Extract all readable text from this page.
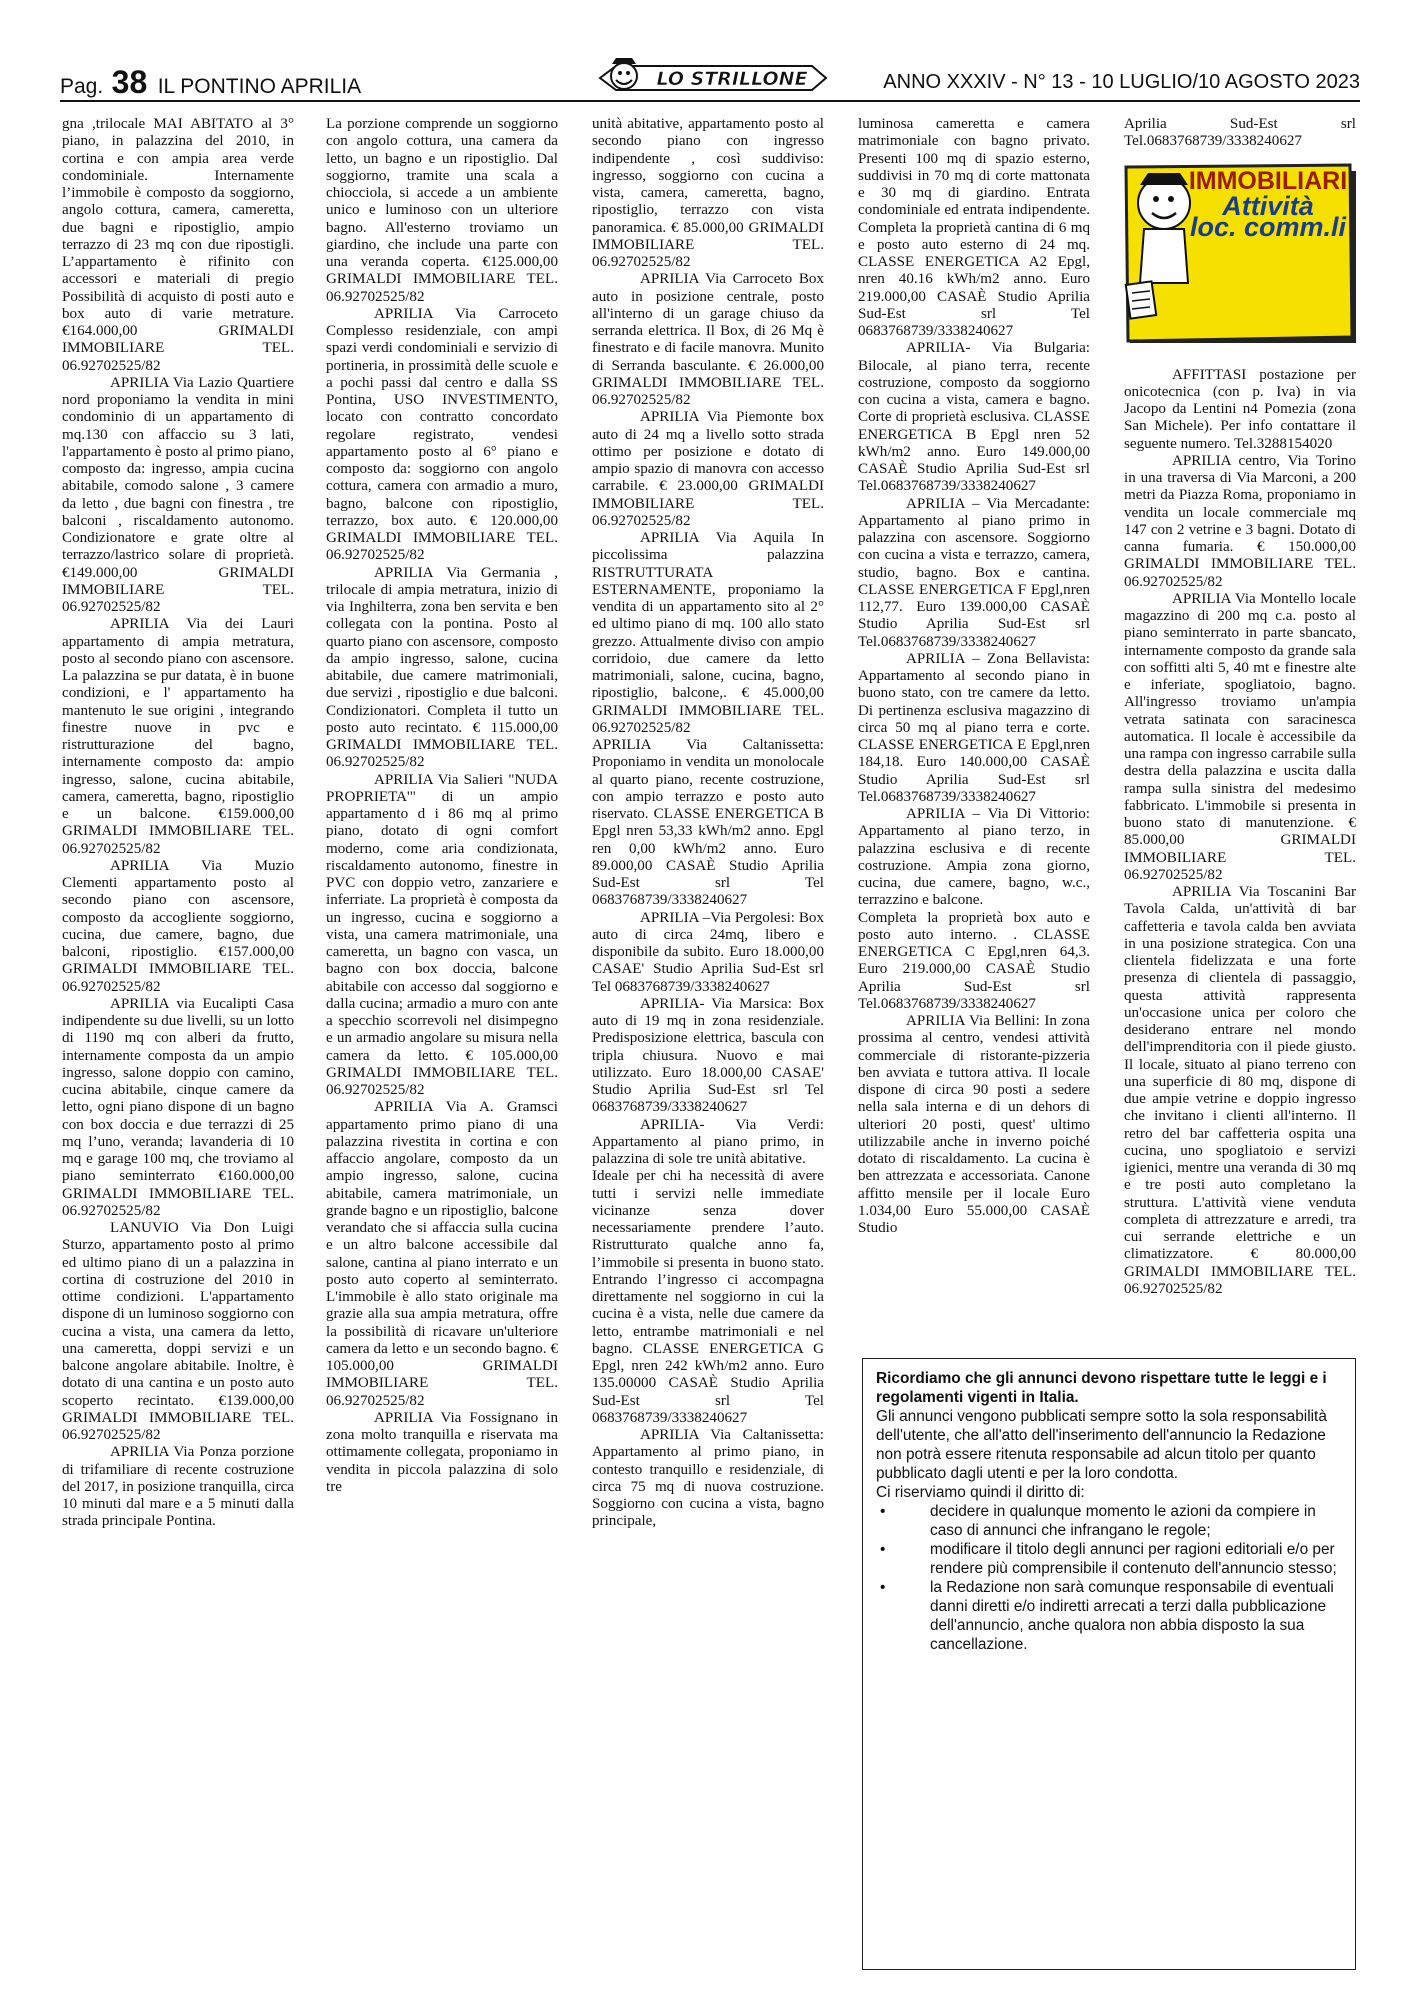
Pag. 38 IL PONTINO APRILIA	ANNO XXXIV - N° 13 - 10 LUGLIO/10 AGOSTO 2023
LO STRILLONE

gna ,trilocale MAI ABITATO al 3° piano, in palazzina del 2010, in cortina e con ampia area verde condominiale. Internamente l’immobile è composto da soggiorno, angolo cottura, camera, cameretta, due bagni e ripostiglio, ampio terrazzo di 23 mq con due ripostigli. L’appartamento è rifinito con accessori e materiali di pregio Possibilità di acquisto di posti auto e box auto di varie metrature. €164.000,00 GRIMALDI IMMOBILIARE TEL. 06.92702525/82

APRILIA Via Lazio Quartiere nord proponiamo la vendita in mini condominio di un appartamento di mq.130 con affaccio su 3 lati, l'appartamento è posto al primo piano, composto da: ingresso, ampia cucina abitabile, comodo salone , 3 camere da letto , due bagni con finestra , tre balconi , riscaldamento autonomo. Condizionatore e grate oltre al terrazzo/lastrico solare di proprietà. €149.000,00 GRIMALDI IMMOBILIARE TEL. 06.92702525/82

APRILIA Via dei Lauri appartamento di ampia metratura, posto al secondo piano con ascensore. La palazzina se pur datata, è in buone condizioni, e l' appartamento ha mantenuto le sue origini , integrando finestre nuove in pvc e ristrutturazione del bagno, internamente composto da: ampio ingresso, salone, cucina abitabile, camera, cameretta, bagno, ripostiglio e un balcone. €159.000,00 GRIMALDI IMMOBILIARE TEL. 06.92702525/82

APRILIA Via Muzio Clementi appartamento posto al secondo piano con ascensore, composto da accogliente soggiorno, cucina, due camere, bagno, due balconi, ripostiglio. €157.000,00 GRIMALDI IMMOBILIARE TEL. 06.92702525/82

APRILIA via Eucalipti Casa indipendente su due livelli, su un lotto di 1190 mq con alberi da frutto, internamente composta da un ampio ingresso, salone doppio con camino, cucina abitabile, cinque camere da letto, ogni piano dispone di un bagno con box doccia e due terrazzi di 25 mq l’uno, veranda; lavanderia di 10 mq e garage 100 mq, che troviamo al piano seminterrato €160.000,00 GRIMALDI IMMOBILIARE TEL. 06.92702525/82

LANUVIO Via Don Luigi Sturzo, appartamento posto al primo ed ultimo piano di un a palazzina in cortina di costruzione del 2010 in ottime condizioni. L'appartamento dispone di un luminoso soggiorno con cucina a vista, una camera da letto, una cameretta, doppi servizi e un balcone angolare abitabile. Inoltre, è dotato di una cantina e un posto auto scoperto recintato. €139.000,00 GRIMALDI IMMOBILIARE TEL. 06.92702525/82

APRILIA Via Ponza porzione di trifamiliare di recente costruzione del 2017, in posizione tranquilla, circa 10 minuti dal mare e a 5 minuti dalla strada principale Pontina.

La porzione comprende un soggiorno con angolo cottura, una camera da letto, un bagno e un ripostiglio. Dal soggiorno, tramite una scala a chiocciola, si accede a un ambiente unico e luminoso con un ulteriore bagno. All'esterno troviamo un giardino, che include una parte con una veranda coperta. €125.000,00 GRIMALDI IMMOBILIARE TEL. 06.92702525/82

APRILIA Via Carroceto Complesso residenziale, con ampi spazi verdi condominiali e servizio di portineria, in prossimità delle scuole e a pochi passi dal centro e dalla SS Pontina, USO INVESTIMENTO, locato con contratto concordato regolare registrato, vendesi appartamento posto al 6° piano e composto da: soggiorno con angolo cottura, camera con armadio a muro, bagno, balcone con ripostiglio, terrazzo, box auto. € 120.000,00 GRIMALDI IMMOBILIARE TEL. 06.92702525/82

APRILIA Via Germania , trilocale di ampia metratura, inizio di via Inghilterra, zona ben servita e ben collegata con la pontina. Posto al quarto piano con ascensore, composto da ampio ingresso, salone, cucina abitabile, due camere matrimoniali, due servizi , ripostiglio e due balconi. Condizionatori. Completa il tutto un posto auto recintato. € 115.000,00 GRIMALDI IMMOBILIARE TEL. 06.92702525/82

APRILIA Via Salieri "NUDA PROPRIETA'" di un ampio appartamento d i 86 mq al primo piano, dotato di ogni comfort moderno, come aria condizionata, riscaldamento autonomo, finestre in PVC con doppio vetro, zanzariere e inferriate. La proprietà è composta da un ingresso, cucina e soggiorno a vista, una camera matrimoniale, una cameretta, un bagno con vasca, un bagno con box doccia, balcone abitabile con accesso dal soggiorno e dalla cucina; armadio a muro con ante a specchio scorrevoli nel disimpegno e un armadio angolare su misura nella camera da letto. € 105.000,00 GRIMALDI IMMOBILIARE TEL. 06.92702525/82

APRILIA Via A. Gramsci appartamento primo piano di una palazzina rivestita in cortina e con affaccio angolare, composto da un ampio ingresso, salone, cucina abitabile, camera matrimoniale, un grande bagno e un ripostiglio, balcone verandato che si affaccia sulla cucina e un altro balcone accessibile dal salone, cantina al piano interrato e un posto auto coperto al seminterrato. L'immobile è allo stato originale ma grazie alla sua ampia metratura, offre la possibilità di ricavare un'ulteriore camera da letto e un secondo bagno. € 105.000,00 GRIMALDI IMMOBILIARE TEL. 06.92702525/82

APRILIA Via Fossignano in zona molto tranquilla e riservata ma ottimamente collegata, proponiamo in vendita in piccola palazzina di solo tre

unità abitative, appartamento posto al secondo piano con ingresso indipendente , così suddiviso: ingresso, soggiorno con cucina a vista, camera, cameretta, bagno, ripostiglio, terrazzo con vista panoramica. € 85.000,00 GRIMALDI IMMOBILIARE TEL. 06.92702525/82

APRILIA Via Carroceto Box auto in posizione centrale, posto all'interno di un garage chiuso da serranda elettrica. Il Box, di 26 Mq è finestrato e di facile manovra. Munito di Serranda basculante. € 26.000,00 GRIMALDI IMMOBILIARE TEL. 06.92702525/82

APRILIA Via Piemonte box auto di 24 mq a livello sotto strada ottimo per posizione e dotato di ampio spazio di manovra con accesso carrabile. € 23.000,00 GRIMALDI IMMOBILIARE TEL. 06.92702525/82

APRILIA Via Aquila In piccolissima palazzina RISTRUTTURATA ESTERNAMENTE, proponiamo la vendita di un appartamento sito al 2° ed ultimo piano di mq. 100 allo stato grezzo. Attualmente diviso con ampio corridoio, due camere da letto matrimoniali, salone, cucina, bagno, ripostiglio, balcone,. € 45.000,00 GRIMALDI IMMOBILIARE TEL. 06.92702525/82

APRILIA Via Caltanissetta: Proponiamo in vendita un monolocale al quarto piano, recente costruzione, con ampio terrazzo e posto auto riservato. CLASSE ENERGETICA B Epgl nren 53,33 kWh/m2 anno. Epgl ren 0,00 kWh/m2 anno. Euro 89.000,00 CASAÈ Studio Aprilia Sud-Est srl Tel 0683768739/3338240627

APRILIA –Via Pergolesi: Box auto di circa 24mq, libero e disponibile da subito. Euro 18.000,00 CASAE' Studio Aprilia Sud-Est srl Tel 0683768739/3338240627

APRILIA- Via Marsica: Box auto di 19 mq in zona residenziale. Predisposizione elettrica, bascula con tripla chiusura. Nuovo e mai utilizzato. Euro 18.000,00 CASAE' Studio Aprilia Sud-Est srl Tel 0683768739/3338240627

APRILIA- Via Verdi: Appartamento al piano primo, in palazzina di sole tre unità abitative.

Ideale per chi ha necessità di avere tutti i servizi nelle immediate vicinanze senza dover necessariamente prendere l’auto. Ristrutturato qualche anno fa, l’immobile si presenta in buono stato. Entrando l’ingresso ci accompagna direttamente nel soggiorno in cui la cucina è a vista, nelle due camere da letto, entrambe matrimoniali e nel bagno. CLASSE ENERGETICA G Epgl, nren 242 kWh/m2 anno. Euro 135.00000 CASAÈ Studio Aprilia Sud-Est srl Tel 0683768739/3338240627

APRILIA Via Caltanissetta: Appartamento al primo piano, in contesto tranquillo e residenziale, di circa 75 mq di nuova costruzione. Soggiorno con cucina a vista, bagno principale,

luminosa cameretta e camera matrimoniale con bagno privato. Presenti 100 mq di spazio esterno, suddivisi in 70 mq di corte mattonata e 30 mq di giardino. Entrata condominiale ed entrata indipendente. Completa la proprietà cantina di 6 mq e posto auto esterno di 24 mq. CLASSE ENERGETICA A2 Epgl, nren 40.16 kWh/m2 anno. Euro 219.000,00 CASAÈ Studio Aprilia Sud-Est srl Tel 0683768739/3338240627

APRILIA- Via Bulgaria: Bilocale, al piano terra, recente costruzione, composto da soggiorno con cucina a vista, camera e bagno. Corte di proprietà esclusiva. CLASSE ENERGETICA B Epgl nren 52 kWh/m2 anno. Euro 149.000,00 CASAÈ Studio Aprilia Sud-Est srl Tel.0683768739/3338240627

APRILIA – Via Mercadante: Appartamento al piano primo in palazzina con ascensore. Soggiorno con cucina a vista e terrazzo, camera, studio, bagno. Box e cantina. CLASSE ENERGETICA F Epgl,nren 112,77. Euro 139.000,00 CASAÈ Studio Aprilia Sud-Est srl Tel.0683768739/3338240627

APRILIA – Zona Bellavista: Appartamento al secondo piano in buono stato, con tre camere da letto. Di pertinenza esclusiva magazzino di circa 50 mq al piano terra e corte. CLASSE ENERGETICA E Epgl,nren 184,18. Euro 140.000,00 CASAÈ Studio Aprilia Sud-Est srl Tel.0683768739/3338240627

APRILIA – Via Di Vittorio: Appartamento al piano terzo, in palazzina esclusiva e di recente costruzione. Ampia zona giorno, cucina, due camere, bagno, w.c., terrazzino e balcone.

Completa la proprietà box auto e posto auto interno. . CLASSE ENERGETICA C Epgl,nren 64,3. Euro 219.000,00 CASAÈ Studio Aprilia Sud-Est srl Tel.0683768739/3338240627

APRILIA Via Bellini: In zona prossima al centro, vendesi attività commerciale di ristorante-pizzeria ben avviata e tuttora attiva. Il locale dispone di circa 90 posti a sedere nella sala interna e di un dehors di ulteriori 20 posti, quest' ultimo utilizzabile anche in inverno poiché dotato di riscaldamento. La cucina è ben attrezzata e accessoriata. Canone affitto mensile per il locale Euro 1.034,00 Euro 55.000,00 CASAÈ Studio

Aprilia Sud-Est srl Tel.0683768739/3338240627

IMMOBILIARI
Attività
loc. comm.li

AFFITTASI postazione per onicotecnica (con p. Iva) in via Jacopo da Lentini n4 Pomezia (zona San Michele). Per info contattare il seguente numero. Tel.3288154020

APRILIA centro, Via Torino in una traversa di Via Marconi, a 200 metri da Piazza Roma, proponiamo in vendita un locale commerciale mq 147 con 2 vetrine e 3 bagni. Dotato di canna fumaria. € 150.000,00 GRIMALDI IMMOBILIARE TEL. 06.92702525/82

APRILIA Via Montello locale magazzino di 200 mq c.a. posto al piano seminterrato in parte sbancato, internamente composto da grande sala con soffitti alti 5, 40 mt e finestre alte e inferiate, spogliatoio, bagno. All'ingresso troviamo un'ampia vetrata satinata con saracinesca automatica. Il locale è accessibile da una rampa con ingresso carrabile sulla destra della palazzina e uscita dalla rampa sulla sinistra del medesimo fabbricato. L'immobile si presenta in buono stato di manutenzione. € 85.000,00 GRIMALDI IMMOBILIARE TEL. 06.92702525/82

APRILIA Via Toscanini Bar Tavola Calda, un'attività di bar caffetteria e tavola calda ben avviata in una posizione strategica. Con una clientela fidelizzata e una forte presenza di clientela di passaggio, questa attività rappresenta un'occasione unica per coloro che desiderano entrare nel mondo dell'imprenditoria con il piede giusto. Il locale, situato al piano terreno con una superficie di 80 mq, dispone di due ampie vetrine e doppio ingresso che invitano i clienti all'interno. Il retro del bar caffetteria ospita una cucina, uno spogliatoio e servizi igienici, mentre una veranda di 30 mq e tre posti auto completano la struttura. L'attività viene venduta completa di attrezzature e arredi, tra cui serrande elettriche e un climatizzatore. € 80.000,00 GRIMALDI IMMOBILIARE TEL. 06.92702525/82

Ricordiamo che gli annunci devono rispettare tutte le leggi e i regolamenti vigenti in Italia.

Gli annunci vengono pubblicati sempre sotto la sola responsabilità dell'utente, che all'atto dell'inserimento dell'annuncio la Redazione non potrà essere ritenuta responsabile ad alcun titolo per quanto pubblicato dagli utenti e per la loro condotta.

Ci riserviamo quindi il diritto di:

•	decidere in qualunque momento le azioni da compiere in caso di annunci che infrangano le regole;
•	modificare il titolo degli annunci per ragioni editoriali e/o per rendere più comprensibile il contenuto dell'annuncio stesso;
•	la Redazione non sarà comunque responsabile di eventuali danni diretti e/o indiretti arrecati a terzi dalla pubblicazione dell'annuncio, anche qualora non abbia disposto la sua cancellazione.
